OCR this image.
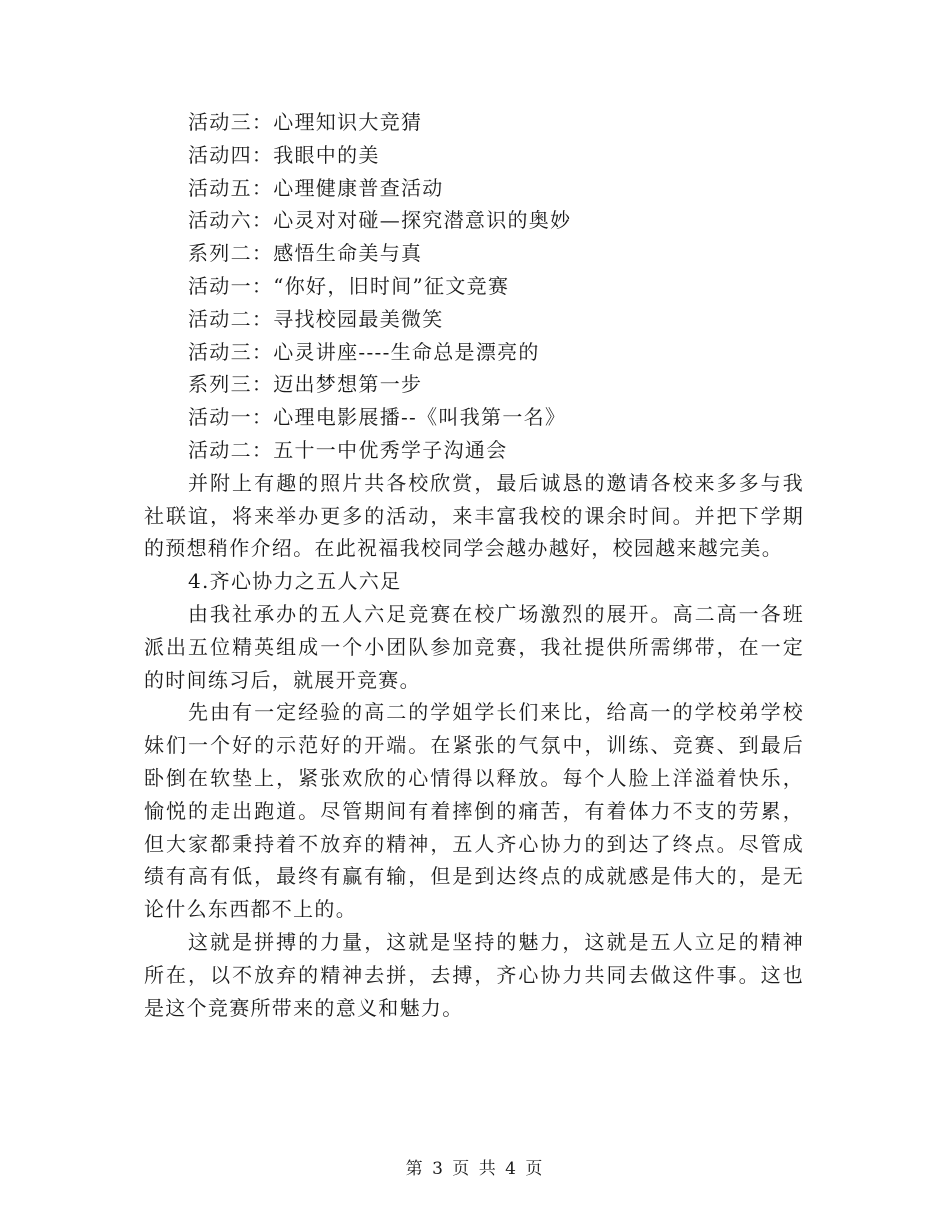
活动三：心理知识大竞猜
活动四：我眼中的美
活动五：心理健康普查活动
活动六：心灵对对碰—探究潜意识的奥妙
系列二：感悟生命美与真
活动一：“你好，旧时间”征文竞赛
活动二：寻找校园最美微笑
活动三：心灵讲座----生命总是漂亮的
系列三：迈出梦想第一步
活动一：心理电影展播--《叫我第一名》
活动二：五十一中优秀学子沟通会
并附上有趣的照片共各校欣赏，最后诚恳的邀请各校来多多与我社联谊，将来举办更多的活动，来丰富我校的课余时间。并把下学期的预想稍作介绍。在此祝福我校同学会越办越好，校园越来越完美。
4.齐心协力之五人六足
由我社承办的五人六足竞赛在校广场激烈的展开。高二高一各班派出五位精英组成一个小团队参加竞赛，我社提供所需绑带，在一定的时间练习后，就展开竞赛。
先由有一定经验的高二的学姐学长们来比，给高一的学校弟学校妹们一个好的示范好的开端。在紧张的气氛中，训练、竞赛、到最后卧倒在软垫上，紧张欢欣的心情得以释放。每个人脸上洋溢着快乐，愉悦的走出跑道。尽管期间有着摔倒的痛苦，有着体力不支的劳累，但大家都秉持着不放弃的精神，五人齐心协力的到达了终点。尽管成绩有高有低，最终有赢有输，但是到达终点的成就感是伟大的，是无论什么东西都不上的。
这就是拼搏的力量，这就是坚持的魅力，这就是五人立足的精神所在，以不放弃的精神去拼，去搏，齐心协力共同去做这件事。这也是这个竞赛所带来的意义和魅力。
第 3 页 共 4 页
